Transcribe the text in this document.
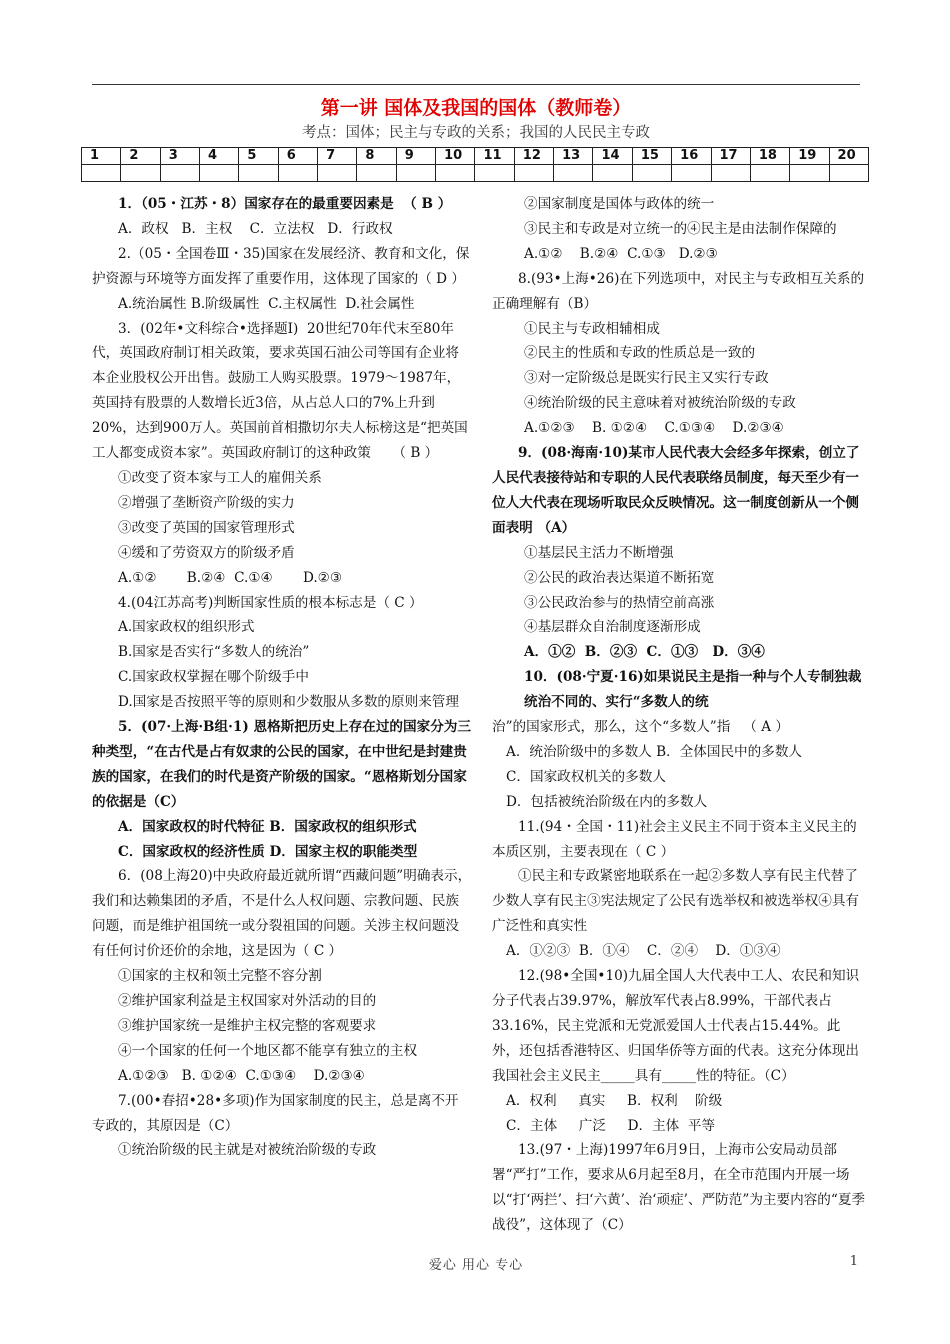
第一讲 国体及我国的国体（教师卷）
考点：国体；民主与专政的关系；我国的人民民主专政
1	2	3	4	5	6	7	8	9	10	11	12	13	14	15	16	17	18	19	20

1．（05・江苏・8）国家存在的最重要因素是  （ B ）
A．政权   B．主权    C．立法权   D．行政权
2.（05・全国卷Ⅲ・35)国家在发展经济、教育和文化，保护资源与环境等方面发挥了重要作用，这体现了国家的（ D ）
A.统治属性 B.阶级属性  C.主权属性  D.社会属性
3．(02年•文科综合•选择题Ⅰ)  20世纪70年代末至80年代，英国政府制订相关政策，要求英国石油公司等国有企业将本企业股权公开出售。鼓励工人购买股票。1979～1987年，英国持有股票的人数增长近3倍，从占总人口的7%上升到20%，达到900万人。英国前首相撒切尔夫人标榜这是“把英国工人都变成资本家”。英国政府制订的这种政策     （ B ）
①改变了资本家与工人的雇佣关系
②增强了垄断资产阶级的实力
③改变了英国的国家管理形式
④缓和了劳资双方的阶级矛盾
A.①②       B.②④  C.①④       D.②③
4.(04江苏高考)判断国家性质的根本标志是（ C ）
A.国家政权的组织形式
B.国家是否实行“多数人的统治”
C.国家政权掌握在哪个阶级手中
D.国家是否按照平等的原则和少数服从多数的原则来管理
5．(07·上海·B组·1) 恩格斯把历史上存在过的国家分为三种类型，“在古代是占有奴隶的公民的国家，在中世纪是封建贵族的国家，在我们的时代是资产阶级的国家。“恩格斯划分国家的依据是（C）
A．国家政权的时代特征 B．国家政权的组织形式
C．国家政权的经济性质 D．国家主权的职能类型
6．(08上海20)中央政府最近就所谓“西藏问题”明确表示，我们和达赖集团的矛盾，不是什么人权问题、宗教问题、民族问题，而是维护祖国统一或分裂祖国的问题。关涉主权问题没有任何讨价还价的余地，这是因为（ C ）
①国家的主权和领土完整不容分割
②维护国家利益是主权国家对外活动的目的
③维护国家统一是维护主权完整的客观要求
④一个国家的任何一个地区都不能享有独立的主权
A.①②③   B. ①②④  C.①③④    D.②③④
7.(00•春招•28•多项)作为国家制度的民主，总是离不开专政的，其原因是（C）
①统治阶级的民主就是对被统治阶级的专政
②国家制度是国体与政体的统一
③民主和专政是对立统一的④民主是由法制作保障的
A.①②    B.②④  C.①③   D.②③
8.(93•上海•26)在下列选项中，对民主与专政相互关系的正确理解有（B）
①民主与专政相辅相成
②民主的性质和专政的性质总是一致的
③对一定阶级总是既实行民主又实行专政
④统治阶级的民主意味着对被统治阶级的专政
A.①②③    B. ①②④    C.①③④    D.②③④
9．(08·海南·10)某市人民代表大会经多年探索，创立了人民代表接待站和专职的人民代表联络员制度，每天至少有一位人大代表在现场听取民众反映情况。这一制度创新从一个侧面表明 （A）
①基层民主活力不断增强
②公民的政治表达渠道不断拓宽
③公民政治参与的热情空前高涨
④基层群众自治制度逐渐形成
A．①②  B．②③  C．①③   D．③④
10．(08·宁夏·16)如果说民主是指一种与个人专制独裁统治不同的、实行“多数人的统
治”的国家形式，那么，这个“多数人”指   （ A ）
A．统治阶级中的多数人 B．全体国民中的多数人
C．国家政权机关的多数人
D．包括被统治阶级在内的多数人
11.(94・全国・11)社会主义民主不同于资本主义民主的本质区别，主要表现在（ C ）
①民主和专政紧密地联系在一起②多数人享有民主代替了少数人享有民主③宪法规定了公民有选举权和被选举权④具有广泛性和真实性
A．①②③  B．①④    C．②④    D．①③④
12.(98•全国•10)九届全国人大代表中工人、农民和知识分子代表占39.97%，解放军代表占8.99%，干部代表占33.16%，民主党派和无党派爱国人士代表占15.44%。此外，还包括香港特区、归国华侨等方面的代表。这充分体现出我国社会主义民主_____具有_____性的特征。（C）
A．权利     真实     B．权利    阶级
C．主体     广泛     D．主体  平等
13.(97・上海)1997年6月9日，上海市公安局动员部署“严打”工作，要求从6月起至8月，在全市范围内开展一场以“打‘两拦’、扫‘六黄’、治‘顽症’、严防范”为主要内容的“夏季战役”，这体现了（C）
爱心 用心 专心	1
